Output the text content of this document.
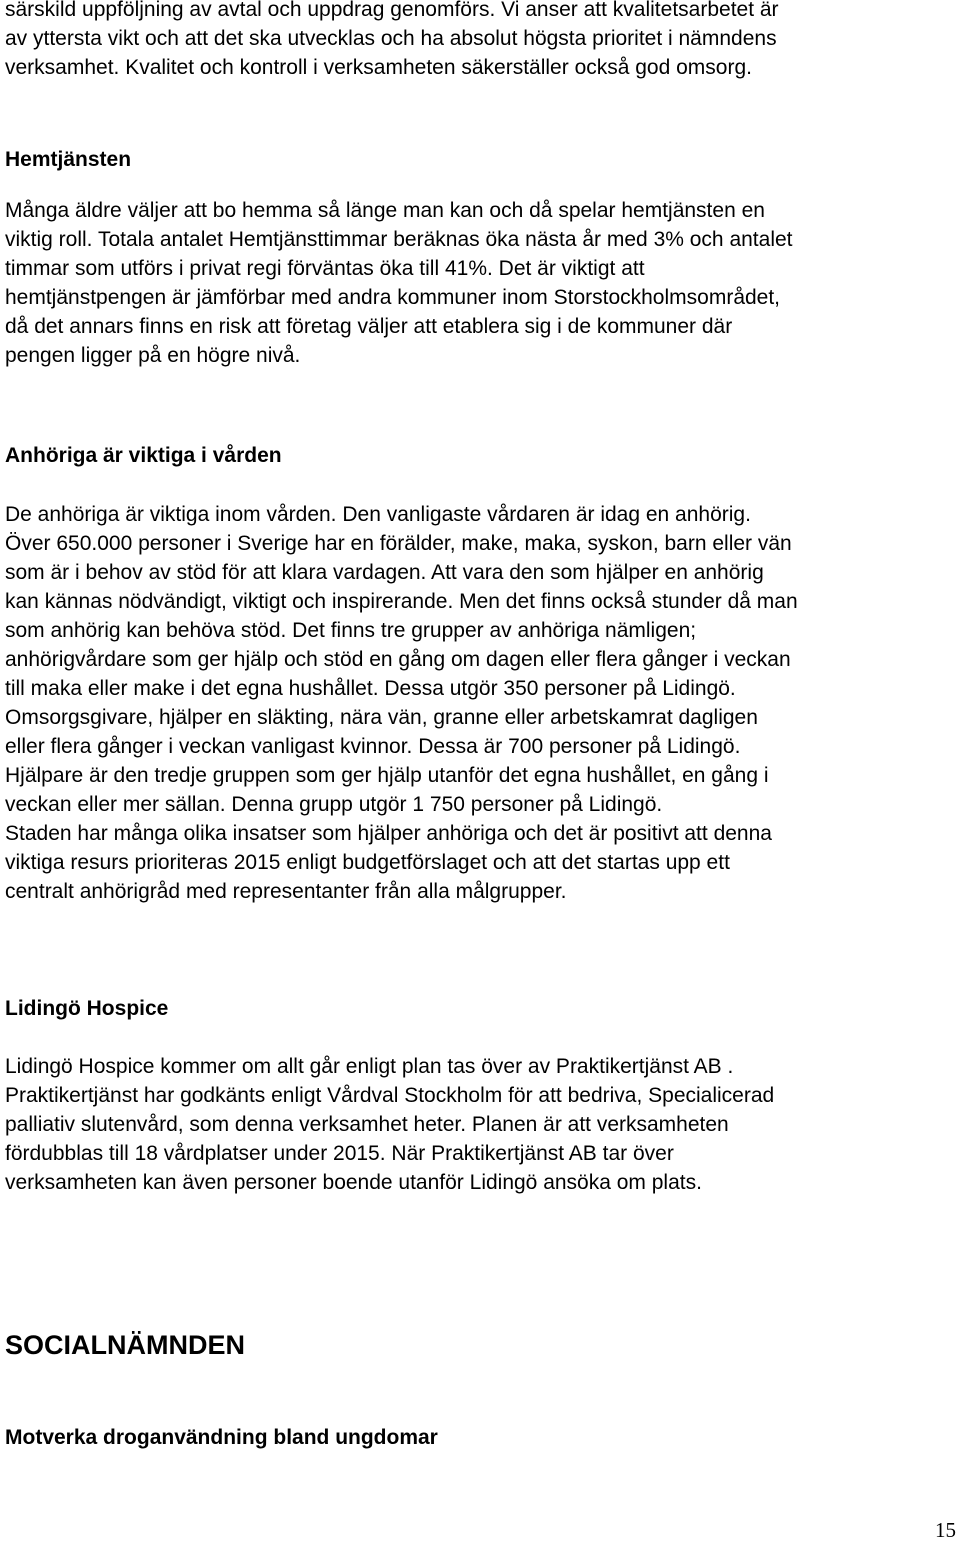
särskild uppföljning av avtal och uppdrag genomförs. Vi anser att kvalitetsarbetet är
av yttersta vikt och att det ska utvecklas och ha absolut högsta prioritet i nämndens
verksamhet. Kvalitet och kontroll i verksamheten säkerställer också god omsorg.
Hemtjänsten
Många äldre väljer att bo hemma så länge man kan och då spelar hemtjänsten en
viktig roll. Totala antalet Hemtjänsttimmar beräknas öka nästa år med 3% och antalet
timmar som utförs i privat regi förväntas öka till 41%. Det är viktigt att
hemtjänstpengen är jämförbar med andra kommuner inom Storstockholmsområdet,
då det annars finns en risk att företag väljer att etablera sig i de kommuner där
pengen ligger på en högre nivå.
Anhöriga är viktiga i vården
De anhöriga är viktiga inom vården. Den vanligaste vårdaren är idag en anhörig.
Över 650.000 personer i Sverige har en förälder, make, maka, syskon, barn eller vän
som är i behov av stöd för att klara vardagen. Att vara den som hjälper en anhörig
kan kännas nödvändigt, viktigt och inspirerande. Men det finns också stunder då man
som anhörig kan behöva stöd. Det finns tre grupper av anhöriga nämligen;
anhörigvårdare som ger hjälp och stöd en gång om dagen eller flera gånger i veckan
till maka eller make i det egna hushållet. Dessa utgör 350 personer på Lidingö.
Omsorgsgivare, hjälper en släkting, nära vän, granne eller arbetskamrat dagligen
eller flera gånger i veckan vanligast kvinnor. Dessa är 700 personer på Lidingö.
Hjälpare är den tredje gruppen som ger hjälp utanför det egna hushållet, en gång i
veckan eller mer sällan. Denna grupp utgör 1 750 personer på Lidingö.
Staden har många olika insatser som hjälper anhöriga och det är positivt att denna
viktiga resurs prioriteras 2015 enligt budgetförslaget och att det startas upp ett
centralt anhörigråd med representanter från alla målgrupper.
Lidingö Hospice
Lidingö Hospice kommer om allt går enligt plan tas över av Praktikertjänst AB .
Praktikertjänst har godkänts enligt Vårdval Stockholm för att bedriva, Specialicerad
palliativ slutenvård, som denna verksamhet heter. Planen är att verksamheten
fördubblas till 18 vårdplatser under 2015. När Praktikertjänst AB tar över
verksamheten kan även personer boende utanför Lidingö ansöka om plats.
SOCIALNÄMNDEN
Motverka droganvändning bland ungdomar
15
